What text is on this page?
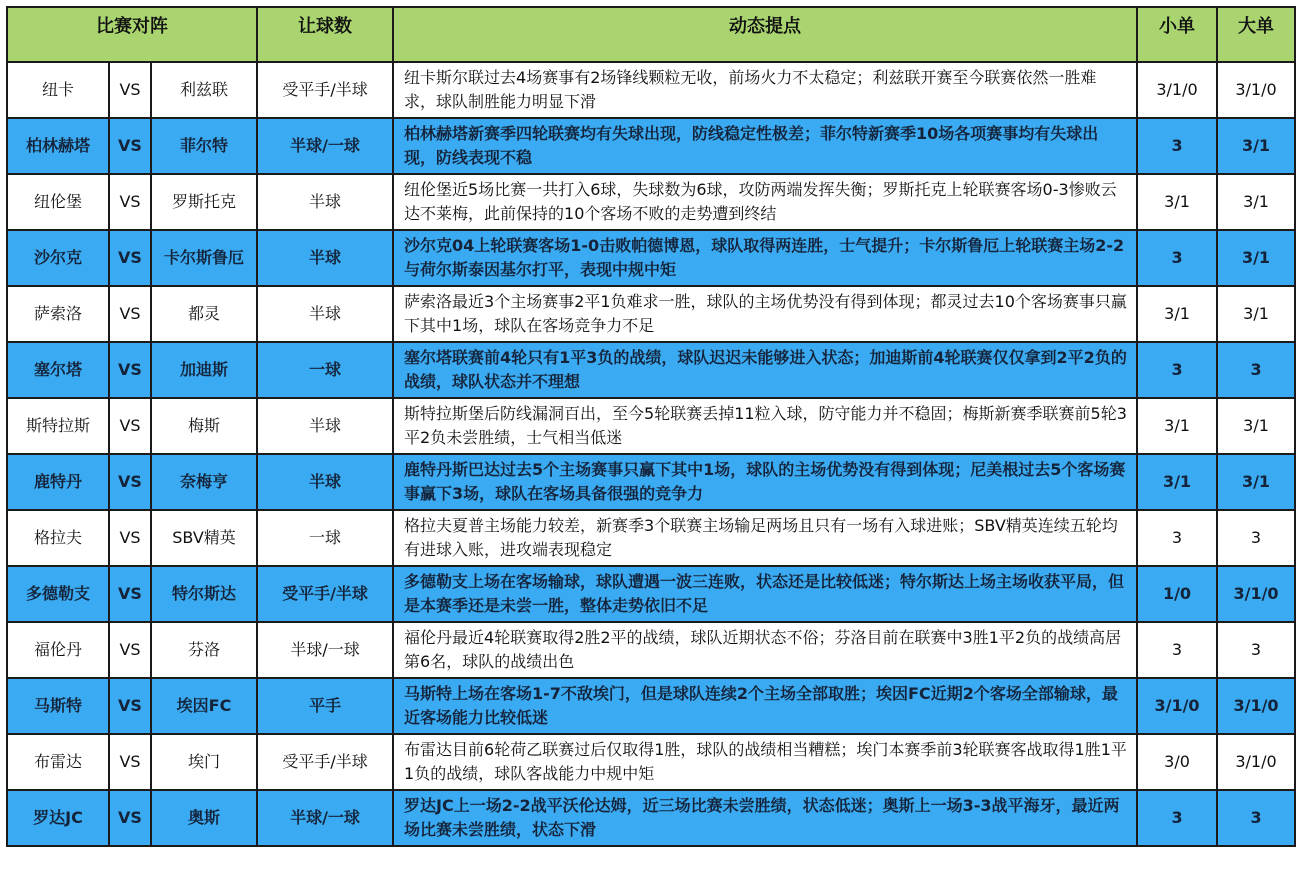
比赛对阵			让球数	动态提点	小单	大单
纽卡	VS	利兹联	受平手/半球	纽卡斯尔联过去4场赛事有2场锋线颗粒无收，前场火力不太稳定；利兹联开赛至今联赛依然一胜难求，球队制胜能力明显下滑	3/1/0	3/1/0
柏林赫塔	VS	菲尔特	半球/一球	柏林赫塔新赛季四轮联赛均有失球出现，防线稳定性极差；菲尔特新赛季10场各项赛事均有失球出现，防线表现不稳	3	3/1
纽伦堡	VS	罗斯托克	半球	纽伦堡近5场比赛一共打入6球，失球数为6球，攻防两端发挥失衡；罗斯托克上轮联赛客场0-3惨败云达不莱梅，此前保持的10个客场不败的走势遭到终结	3/1	3/1
沙尔克	VS	卡尔斯鲁厄	半球	沙尔克04上轮联赛客场1-0击败帕德博恩，球队取得两连胜，士气提升；卡尔斯鲁厄上轮联赛主场2-2与荷尔斯泰因基尔打平，表现中规中矩	3	3/1
萨索洛	VS	都灵	半球	萨索洛最近3个主场赛事2平1负难求一胜，球队的主场优势没有得到体现；都灵过去10个客场赛事只赢下其中1场，球队在客场竞争力不足	3/1	3/1
塞尔塔	VS	加迪斯	一球	塞尔塔联赛前4轮只有1平3负的战绩，球队迟迟未能够进入状态；加迪斯前4轮联赛仅仅拿到2平2负的战绩，球队状态并不理想	3	3
斯特拉斯	VS	梅斯	半球	斯特拉斯堡后防线漏洞百出，至今5轮联赛丢掉11粒入球，防守能力并不稳固；梅斯新赛季联赛前5轮3平2负未尝胜绩，士气相当低迷	3/1	3/1
鹿特丹	VS	奈梅亨	半球	鹿特丹斯巴达过去5个主场赛事只赢下其中1场，球队的主场优势没有得到体现；尼美根过去5个客场赛事赢下3场，球队在客场具备很强的竞争力	3/1	3/1
格拉夫	VS	SBV精英	一球	格拉夫夏普主场能力较差，新赛季3个联赛主场输足两场且只有一场有入球进账；SBV精英连续五轮均有进球入账，进攻端表现稳定	3	3
多德勒支	VS	特尔斯达	受平手/半球	多德勒支上场在客场输球，球队遭遇一波三连败，状态还是比较低迷；特尔斯达上场主场收获平局，但是本赛季还是未尝一胜，整体走势依旧不足	1/0	3/1/0
福伦丹	VS	芬洛	半球/一球	福伦丹最近4轮联赛取得2胜2平的战绩，球队近期状态不俗；芬洛目前在联赛中3胜1平2负的战绩高居第6名，球队的战绩出色	3	3
马斯特	VS	埃因FC	平手	马斯特上场在客场1-7不敌埃门，但是球队连续2个主场全部取胜；埃因FC近期2个客场全部输球，最近客场能力比较低迷	3/1/0	3/1/0
布雷达	VS	埃门	受平手/半球	布雷达目前6轮荷乙联赛过后仅取得1胜，球队的战绩相当糟糕；埃门本赛季前3轮联赛客战取得1胜1平1负的战绩，球队客战能力中规中矩	3/0	3/1/0
罗达JC	VS	奥斯	半球/一球	罗达JC上一场2-2战平沃伦达姆，近三场比赛未尝胜绩，状态低迷；奥斯上一场3-3战平海牙，最近两场比赛未尝胜绩，状态下滑	3	3
